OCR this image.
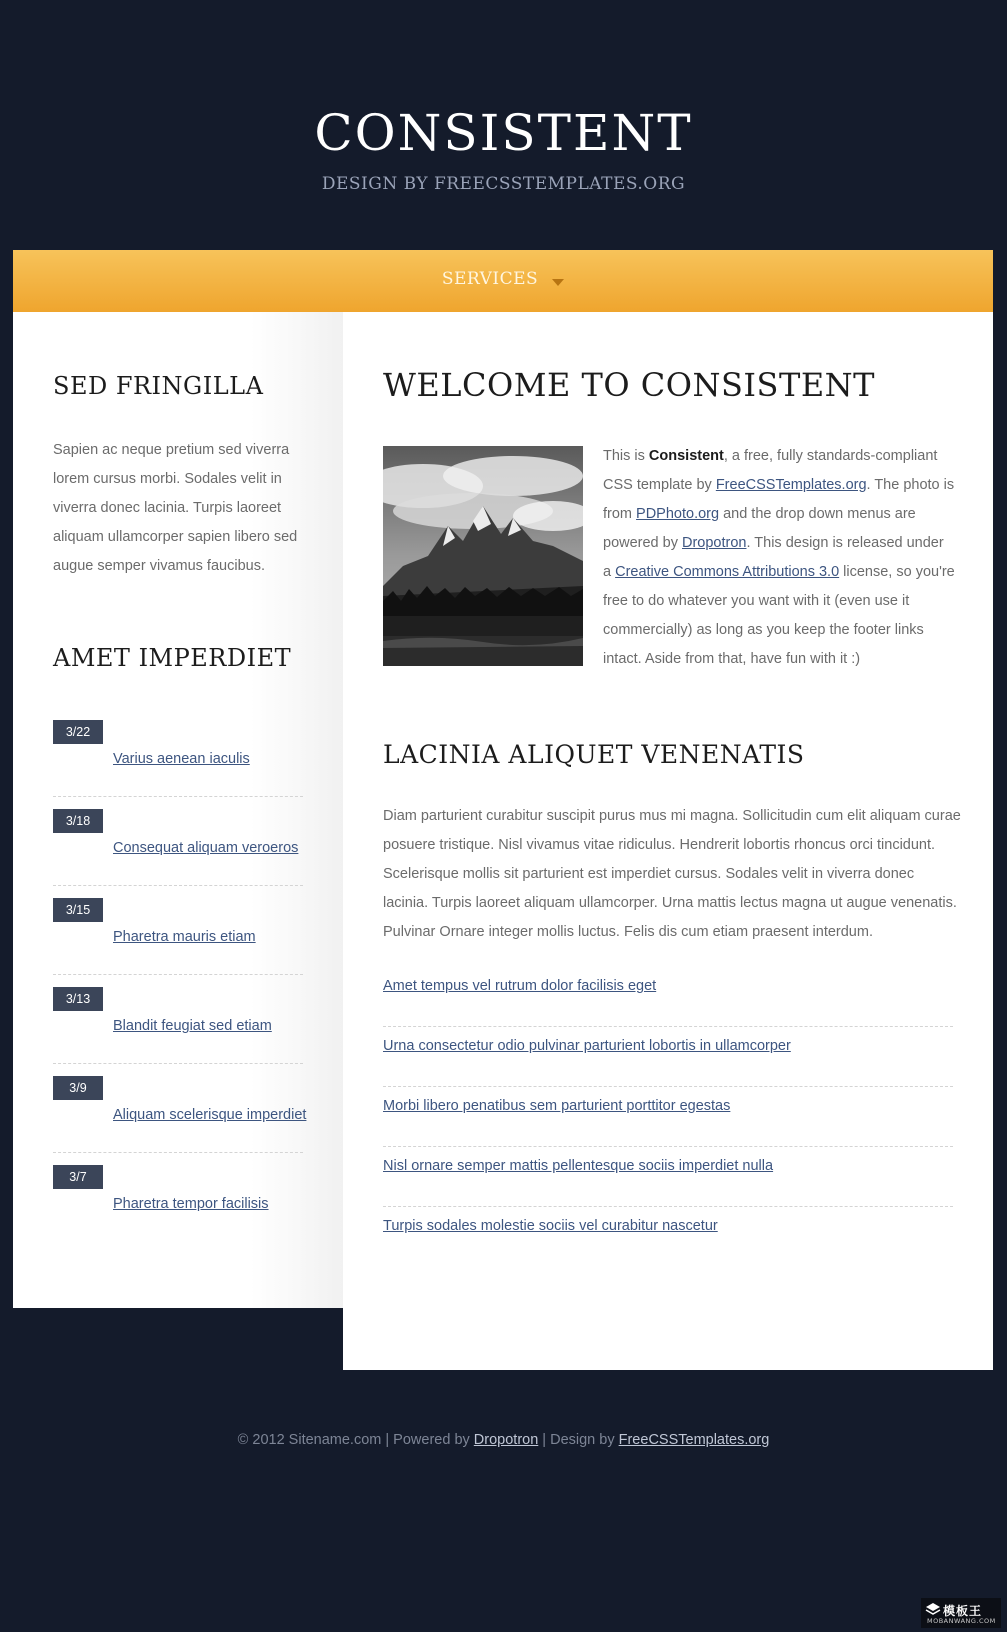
CONSISTENT
DESIGN BY FREECSSTEMPLATES.ORG
SERVICES
SED FRINGILLA

Sapien ac neque pretium sed viverra lorem cursus morbi. Sodales velit in viverra donec lacinia. Turpis laoreet aliquam ullamcorper sapien libero sed augue semper vivamus faucibus.

AMET IMPERDIET
3/22
Varius aenean iaculis
3/18
Consequat aliquam veroeros
3/15
Pharetra mauris etiam
3/13
Blandit feugiat sed etiam
3/9
Aliquam scelerisque imperdiet
3/7
Pharetra tempor facilisis
WELCOME TO CONSISTENT

This is Consistent, a free, fully standards-compliant CSS template by FreeCSSTemplates.org. The photo is from PDPhoto.org and the drop down menus are powered by Dropotron. This design is released under a Creative Commons Attributions 3.0 license, so you're free to do whatever you want with it (even use it commercially) as long as you keep the footer links intact. Aside from that, have fun with it :)

LACINIA ALIQUET VENENATIS

Diam parturient curabitur suscipit purus mus mi magna. Sollicitudin cum elit aliquam curae posuere tristique. Nisl vivamus vitae ridiculus. Hendrerit lobortis rhoncus orci tincidunt. Scelerisque mollis sit parturient est imperdiet cursus. Sodales velit in viverra donec lacinia. Turpis laoreet aliquam ullamcorper. Urna mattis lectus magna ut augue venenatis. Pulvinar Ornare integer mollis luctus. Felis dis cum etiam praesent interdum.

Amet tempus vel rutrum dolor facilisis eget
Urna consectetur odio pulvinar parturient lobortis in ullamcorper
Morbi libero penatibus sem parturient porttitor egestas
Nisl ornare semper mattis pellentesque sociis imperdiet nulla
Turpis sodales molestie sociis vel curabitur nascetur
© 2012 Sitename.com | Powered by Dropotron | Design by FreeCSSTemplates.org
模板王
MOBANWANG.COM
